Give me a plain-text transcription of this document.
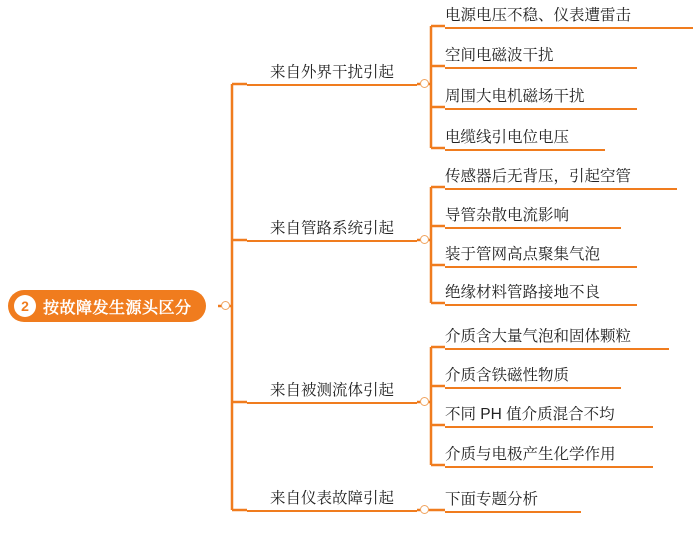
2 按故障发生源头区分
来自外界干扰引起
电源电压不稳、仪表遭雷击
空间电磁波干扰
周围大电机磁场干扰
电缆线引电位电压
来自管路系统引起
传感器后无背压，引起空管
导管杂散电流影响
装于管网高点聚集气泡
绝缘材料管路接地不良
来自被测流体引起
介质含大量气泡和固体颗粒
介质含铁磁性物质
不同 PH 值介质混合不均
介质与电极产生化学作用
来自仪表故障引起	下面专题分析
